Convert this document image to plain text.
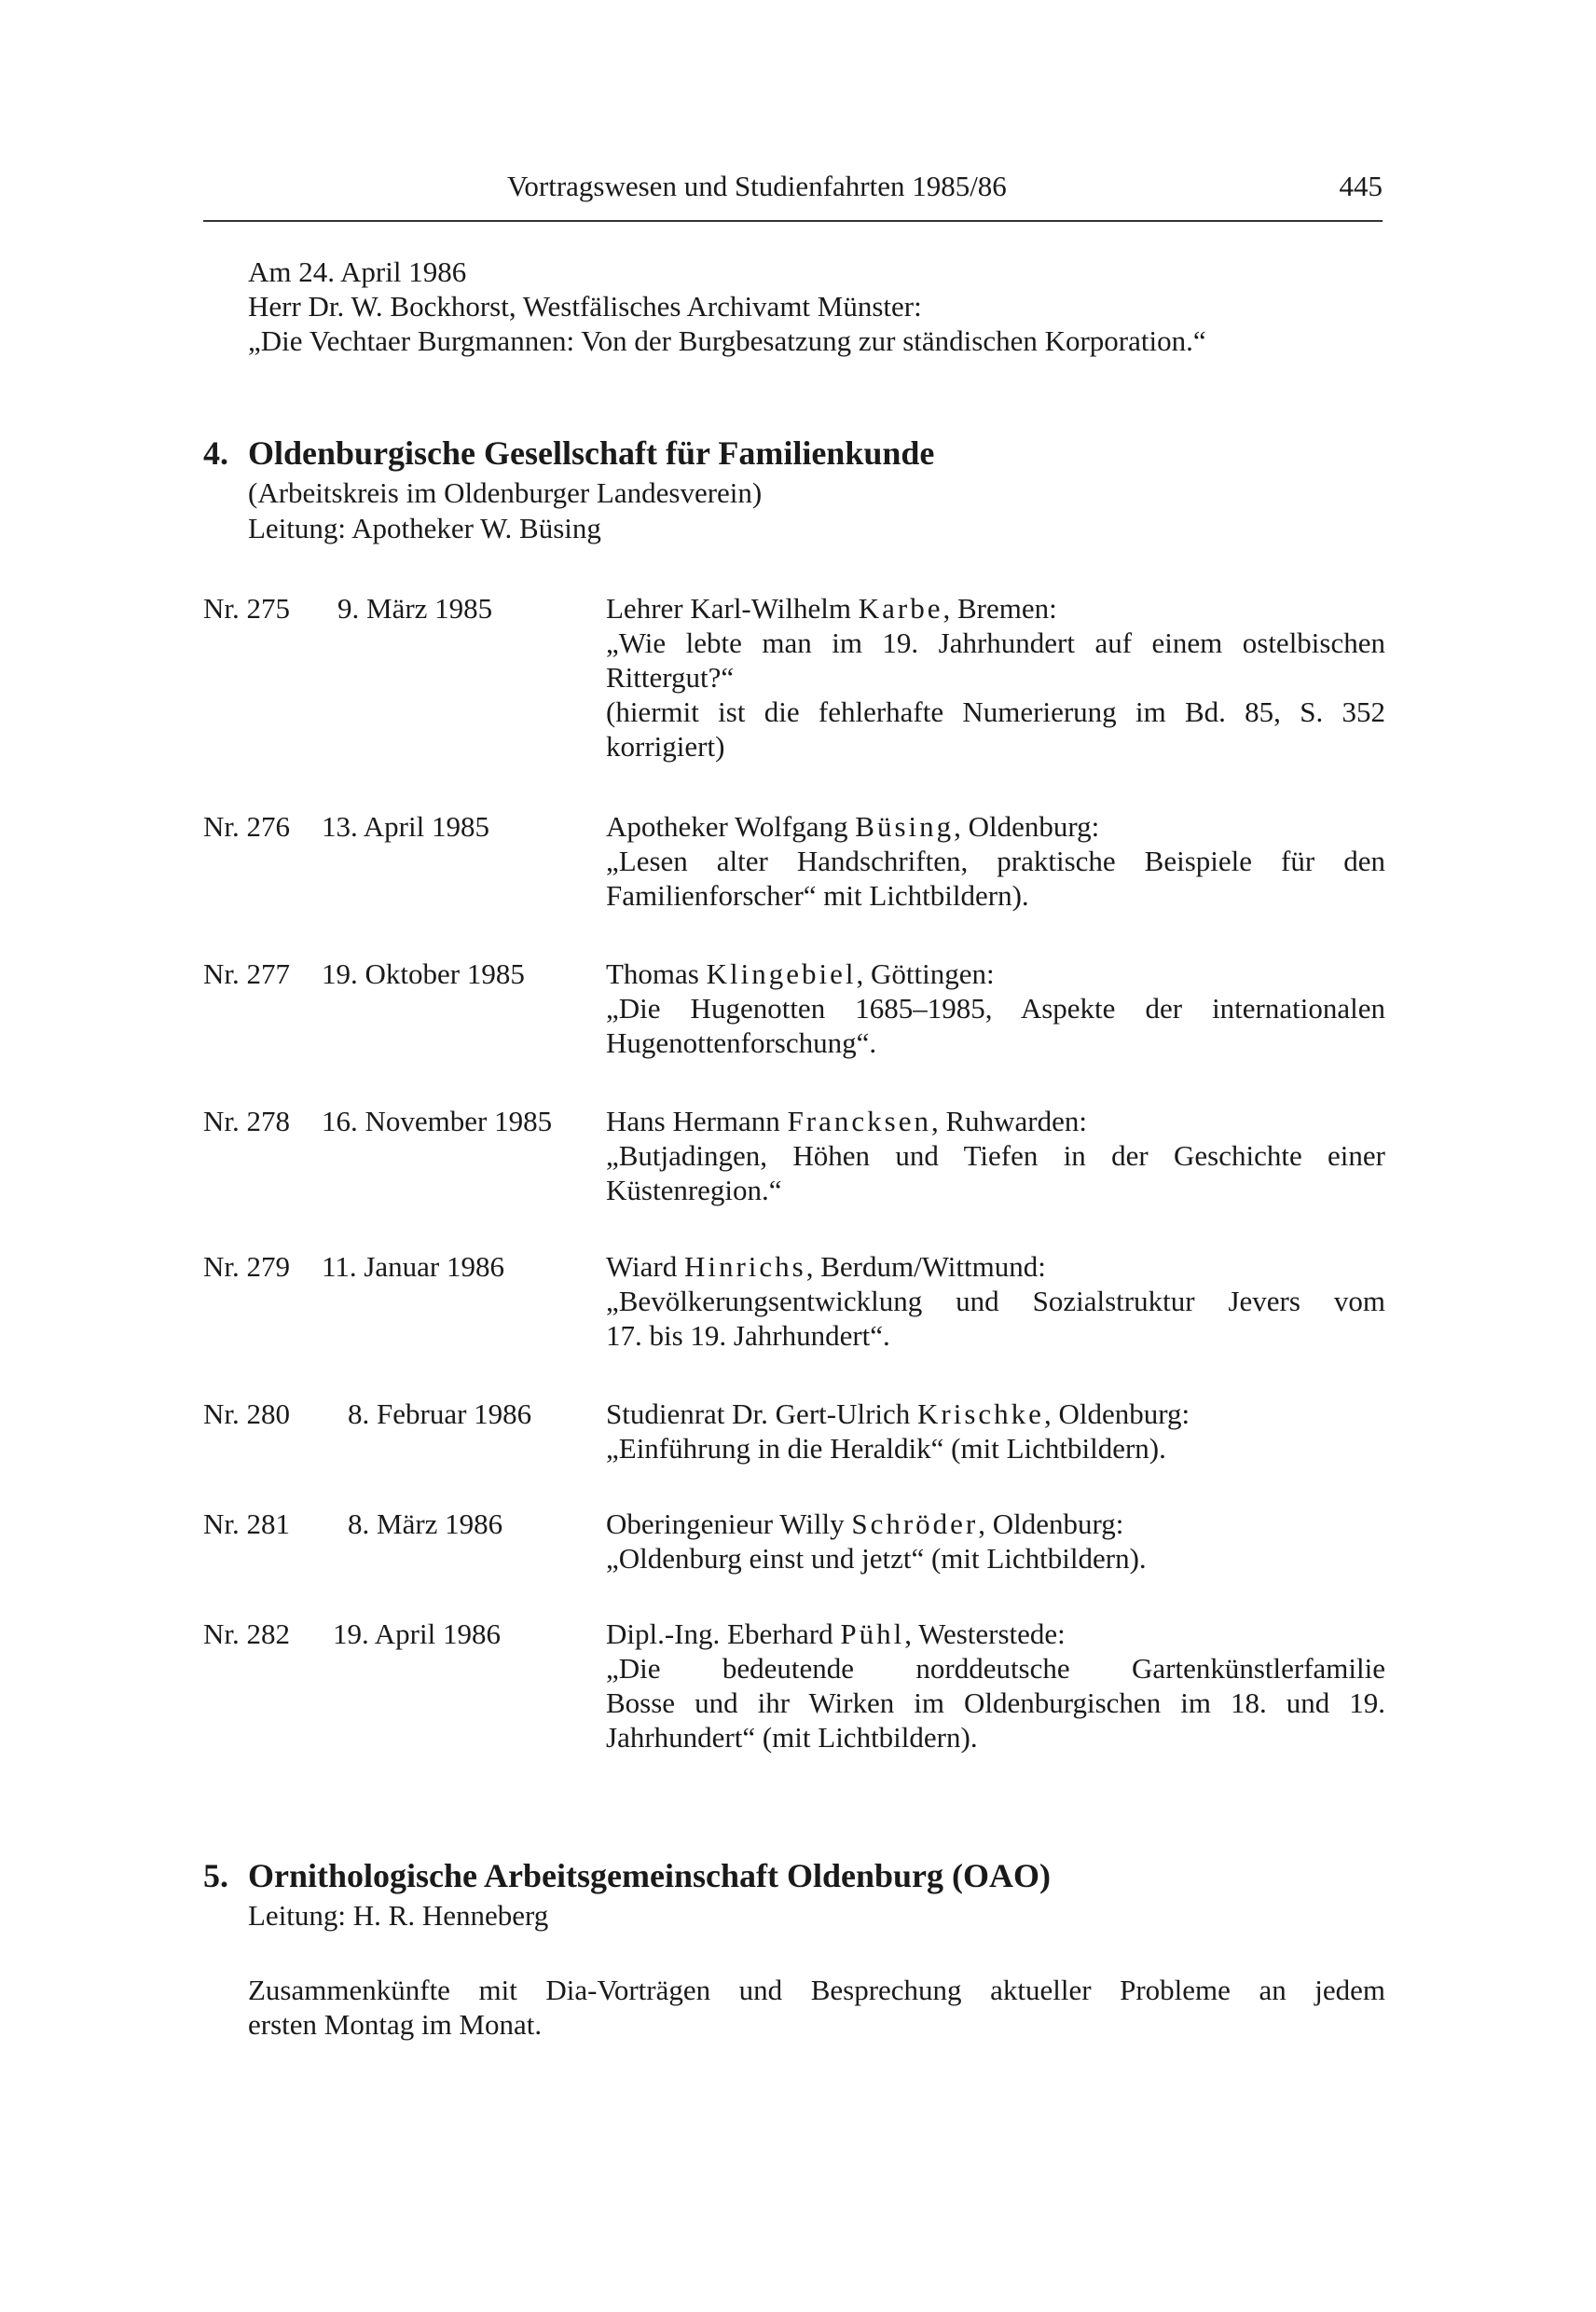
Vortragswesen und Studienfahrten 1985/86	445
Am 24. April 1986
Herr Dr. W. Bockhorst, Westfälisches Archivamt Münster:
„Die Vechtaer Burgmannen: Von der Burgbesatzung zur ständischen Korporation.“
4. Oldenburgische Gesellschaft für Familienkunde
(Arbeitskreis im Oldenburger Landesverein)
Leitung: Apotheker W. Büsing
Nr. 275 9. März 1985	Lehrer Karl-Wilhelm Karbe, Bremen:
„Wie lebte man im 19. Jahrhundert auf einem ostelbischen
Rittergut?“
(hiermit ist die fehlerhafte Numerierung im Bd. 85, S. 352
korrigiert)
Nr. 276 13. April 1985	Apotheker Wolfgang Büsing, Oldenburg:
„Lesen alter Handschriften, praktische Beispiele für den
Familienforscher“ mit Lichtbildern).
Nr. 277 19. Oktober 1985	Thomas Klingebiel, Göttingen:
„Die Hugenotten 1685–1985, Aspekte der internationalen
Hugenottenforschung“.
Nr. 278 16. November 1985 Hans Hermann Francksen, Ruhwarden:
„Butjadingen, Höhen und Tiefen in der Geschichte einer
Küstenregion.“
Nr. 279 11. Januar 1986	Wiard Hinrichs, Berdum/Wittmund:
„Bevölkerungsentwicklung und Sozialstruktur Jevers vom
17. bis 19. Jahrhundert“.
Nr. 280 8. Februar 1986	Studienrat Dr. Gert-Ulrich Krischke, Oldenburg:
„Einführung in die Heraldik“ (mit Lichtbildern).
Nr. 281 8. März 1986	Oberingenieur Willy Schröder, Oldenburg:
„Oldenburg einst und jetzt“ (mit Lichtbildern).
Nr. 282 19. April 1986	Dipl.-Ing. Eberhard Pühl, Westerstede:
„Die bedeutende norddeutsche Gartenkünstlerfamilie
Bosse und ihr Wirken im Oldenburgischen im 18. und 19.
Jahrhundert“ (mit Lichtbildern).
5. Ornithologische Arbeitsgemeinschaft Oldenburg (OAO)
Leitung: H. R. Henneberg
Zusammenkünfte mit Dia-Vorträgen und Besprechung aktueller Probleme an jedem
ersten Montag im Monat.
